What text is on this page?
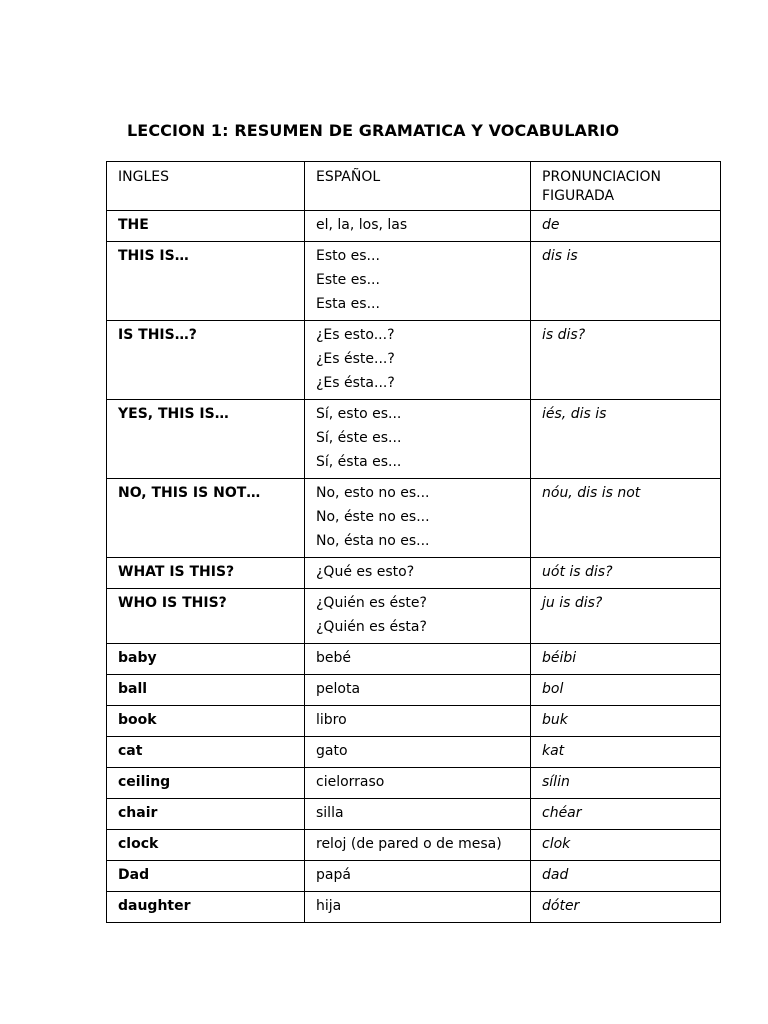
LECCION 1: RESUMEN DE GRAMATICA Y VOCABULARIO
INGLES	ESPAÑOL	PRONUNCIACION FIGURADA

THE	el, la, los, las	de
THIS IS…	Esto es...
Este es...
Esta es...	dis is
IS THIS…?	¿Es esto...?
¿Es éste...?
¿Es ésta...?	is dis?
YES, THIS IS…	Sí, esto es...
Sí, éste es...
Sí, ésta es...	iés, dis is
NO, THIS IS NOT…	No, esto no es...
No, éste no es...
No, ésta no es...	nóu, dis is not
WHAT IS THIS?	¿Qué es esto?	uót is dis?
WHO IS THIS?	¿Quién es éste?
¿Quién es ésta?	ju is dis?
baby	bebé	béibi
ball	pelota	bol
book	libro	buk
cat	gato	kat
ceiling	cielorraso	sílin
chair	silla	chéar
clock	reloj (de pared o de mesa)	clok
Dad	papá	dad
daughter	hija	dóter
